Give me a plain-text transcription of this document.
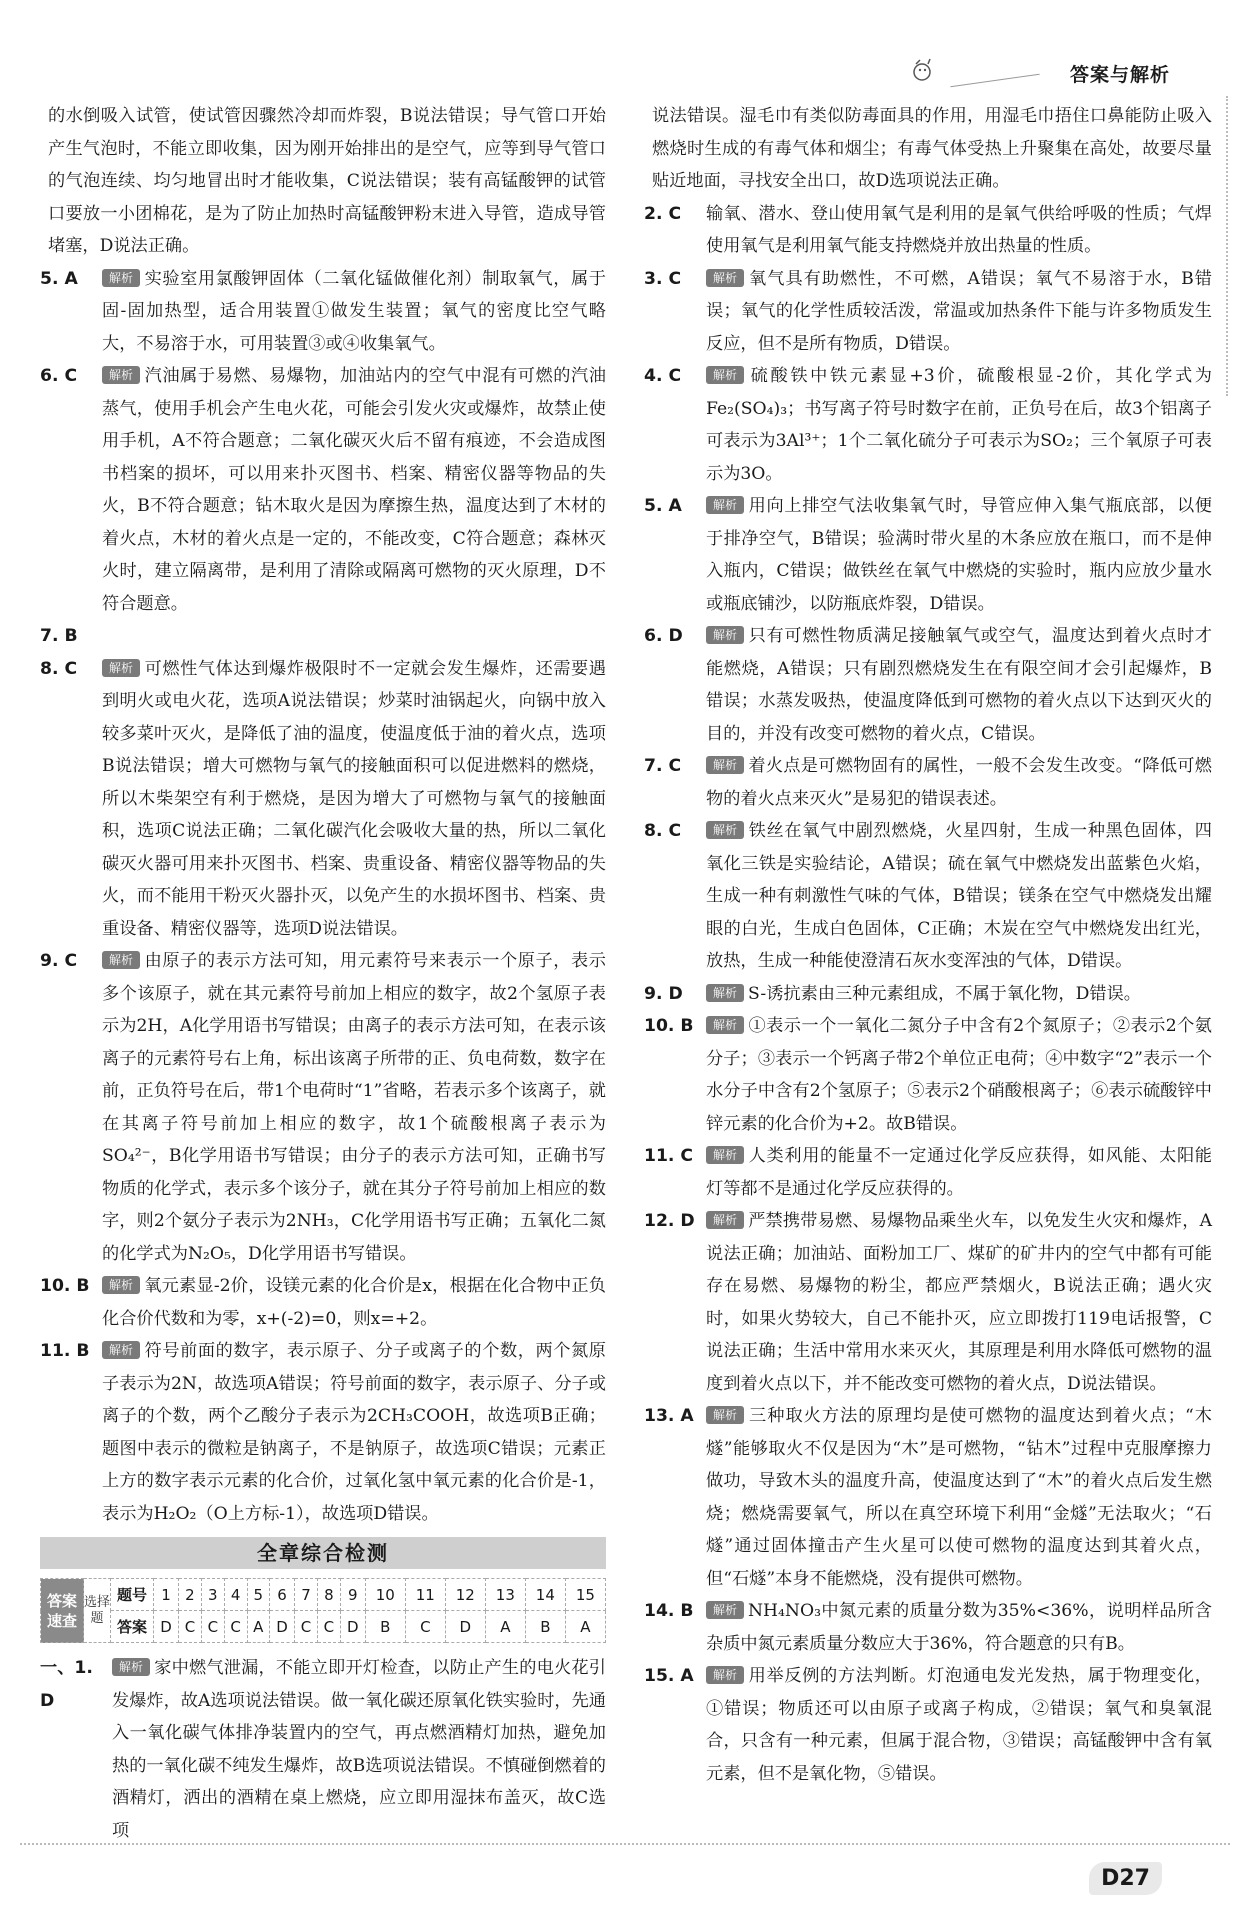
答案与解析
的水倒吸入试管，使试管因骤然冷却而炸裂，B说法错误；导气管口开始产生气泡时，不能立即收集，因为刚开始排出的是空气，应等到导气管口的气泡连续、均匀地冒出时才能收集，C说法错误；装有高锰酸钾的试管口要放一小团棉花，是为了防止加热时高锰酸钾粉末进入导管，造成导管堵塞，D说法正确。
5. A	解析 实验室用氯酸钾固体（二氧化锰做催化剂）制取氧气，属于固-固加热型，适合用装置①做发生装置；氧气的密度比空气略大，不易溶于水，可用装置③或④收集氧气。
6. C	解析 汽油属于易燃、易爆物，加油站内的空气中混有可燃的汽油蒸气，使用手机会产生电火花，可能会引发火灾或爆炸，故禁止使用手机，A不符合题意；二氧化碳灭火后不留有痕迹，不会造成图书档案的损坏，可以用来扑灭图书、档案、精密仪器等物品的失火，B不符合题意；钻木取火是因为摩擦生热，温度达到了木材的着火点，木材的着火点是一定的，不能改变，C符合题意；森林灭火时，建立隔离带，是利用了清除或隔离可燃物的灭火原理，D不符合题意。
7. B
8. C	解析 可燃性气体达到爆炸极限时不一定就会发生爆炸，还需要遇到明火或电火花，选项A说法错误；炒菜时油锅起火，向锅中放入较多菜叶灭火，是降低了油的温度，使温度低于油的着火点，选项B说法错误；增大可燃物与氧气的接触面积可以促进燃料的燃烧，所以木柴架空有利于燃烧，是因为增大了可燃物与氧气的接触面积，选项C说法正确；二氧化碳汽化会吸收大量的热，所以二氧化碳灭火器可用来扑灭图书、档案、贵重设备、精密仪器等物品的失火，而不能用干粉灭火器扑灭，以免产生的水损坏图书、档案、贵重设备、精密仪器等，选项D说法错误。
9. C	解析 由原子的表示方法可知，用元素符号来表示一个原子，表示多个该原子，就在其元素符号前加上相应的数字，故2个氢原子表示为2H，A化学用语书写错误；由离子的表示方法可知，在表示该离子的元素符号右上角，标出该离子所带的正、负电荷数，数字在前，正负符号在后，带1个电荷时“1”省略，若表示多个该离子，就在其离子符号前加上相应的数字，故1个硫酸根离子表示为SO₄²⁻，B化学用语书写错误；由分子的表示方法可知，正确书写物质的化学式，表示多个该分子，就在其分子符号前加上相应的数字，则2个氨分子表示为2NH₃，C化学用语书写正确；五氧化二氮的化学式为N₂O₅，D化学用语书写错误。
10. B	解析 氧元素显-2价，设镁元素的化合价是x，根据在化合物中正负化合价代数和为零，x+(-2)=0，则x=+2。
11. B	解析 符号前面的数字，表示原子、分子或离子的个数，两个氮原子表示为2N，故选项A错误；符号前面的数字，表示原子、分子或离子的个数，两个乙酸分子表示为2CH₃COOH，故选项B正确；题图中表示的微粒是钠离子，不是钠原子，故选项C错误；元素正上方的数字表示元素的化合价，过氧化氢中氧元素的化合价是-1，表示为H₂O₂（O上方标-1），故选项D错误。
全章综合检测
答案速查	选择题	题号	1	2	3	4	5	6	7	8	9	10	11	12	13	14	15
		答案	D	C	C	C	A	D	C	C	D	B	C	D	A	B	A
一、1. D
解析 家中燃气泄漏，不能立即开灯检查，以防止产生的电火花引发爆炸，故A选项说法错误。做一氧化碳还原氧化铁实验时，先通入一氧化碳气体排净装置内的空气，再点燃酒精灯加热，避免加热的一氧化碳不纯发生爆炸，故B选项说法错误。不慎碰倒燃着的酒精灯，洒出的酒精在桌上燃烧，应立即用湿抹布盖灭，故C选项
说法错误。湿毛巾有类似防毒面具的作用，用湿毛巾捂住口鼻能防止吸入燃烧时生成的有毒气体和烟尘；有毒气体受热上升聚集在高处，故要尽量贴近地面，寻找安全出口，故D选项说法正确。
2. C	输氧、潜水、登山使用氧气是利用的是氧气供给呼吸的性质；气焊使用氧气是利用氧气能支持燃烧并放出热量的性质。
3. C	解析 氧气具有助燃性，不可燃，A错误；氧气不易溶于水，B错误；氧气的化学性质较活泼，常温或加热条件下能与许多物质发生反应，但不是所有物质，D错误。
4. C	解析 硫酸铁中铁元素显+3价，硫酸根显-2价，其化学式为Fe₂(SO₄)₃；书写离子符号时数字在前，正负号在后，故3个铝离子可表示为3Al³⁺；1个二氧化硫分子可表示为SO₂；三个氧原子可表示为3O。
5. A	解析 用向上排空气法收集氧气时，导管应伸入集气瓶底部，以便于排净空气，B错误；验满时带火星的木条应放在瓶口，而不是伸入瓶内，C错误；做铁丝在氧气中燃烧的实验时，瓶内应放少量水或瓶底铺沙，以防瓶底炸裂，D错误。
6. D	解析 只有可燃性物质满足接触氧气或空气，温度达到着火点时才能燃烧，A错误；只有剧烈燃烧发生在有限空间才会引起爆炸，B错误；水蒸发吸热，使温度降低到可燃物的着火点以下达到灭火的目的，并没有改变可燃物的着火点，C错误。
7. C	解析 着火点是可燃物固有的属性，一般不会发生改变。“降低可燃物的着火点来灭火”是易犯的错误表述。
8. C	解析 铁丝在氧气中剧烈燃烧，火星四射，生成一种黑色固体，四氧化三铁是实验结论，A错误；硫在氧气中燃烧发出蓝紫色火焰，生成一种有刺激性气味的气体，B错误；镁条在空气中燃烧发出耀眼的白光，生成白色固体，C正确；木炭在空气中燃烧发出红光，放热，生成一种能使澄清石灰水变浑浊的气体，D错误。
9. D	解析 S-诱抗素由三种元素组成，不属于氧化物，D错误。
10. B	解析 ①表示一个一氧化二氮分子中含有2个氮原子；②表示2个氨分子；③表示一个钙离子带2个单位正电荷；④中数字“2”表示一个水分子中含有2个氢原子；⑤表示2个硝酸根离子；⑥表示硫酸锌中锌元素的化合价为+2。故B错误。
11. C	解析 人类利用的能量不一定通过化学反应获得，如风能、太阳能灯等都不是通过化学反应获得的。
12. D	解析 严禁携带易燃、易爆物品乘坐火车，以免发生火灾和爆炸，A说法正确；加油站、面粉加工厂、煤矿的矿井内的空气中都有可能存在易燃、易爆物的粉尘，都应严禁烟火，B说法正确；遇火灾时，如果火势较大，自己不能扑灭，应立即拨打119电话报警，C说法正确；生活中常用水来灭火，其原理是利用水降低可燃物的温度到着火点以下，并不能改变可燃物的着火点，D说法错误。
13. A	解析 三种取火方法的原理均是使可燃物的温度达到着火点；“木燧”能够取火不仅是因为“木”是可燃物，“钻木”过程中克服摩擦力做功，导致木头的温度升高，使温度达到了“木”的着火点后发生燃烧；燃烧需要氧气，所以在真空环境下利用“金燧”无法取火；“石燧”通过固体撞击产生火星可以使可燃物的温度达到其着火点，但“石燧”本身不能燃烧，没有提供可燃物。
14. B	解析 NH₄NO₃中氮元素的质量分数为35%<36%，说明样品所含杂质中氮元素质量分数应大于36%，符合题意的只有B。
15. A	解析 用举反例的方法判断。灯泡通电发光发热，属于物理变化，①错误；物质还可以由原子或离子构成，②错误；氧气和臭氧混合，只含有一种元素，但属于混合物，③错误；高锰酸钾中含有氧元素，但不是氧化物，⑤错误。
D27
